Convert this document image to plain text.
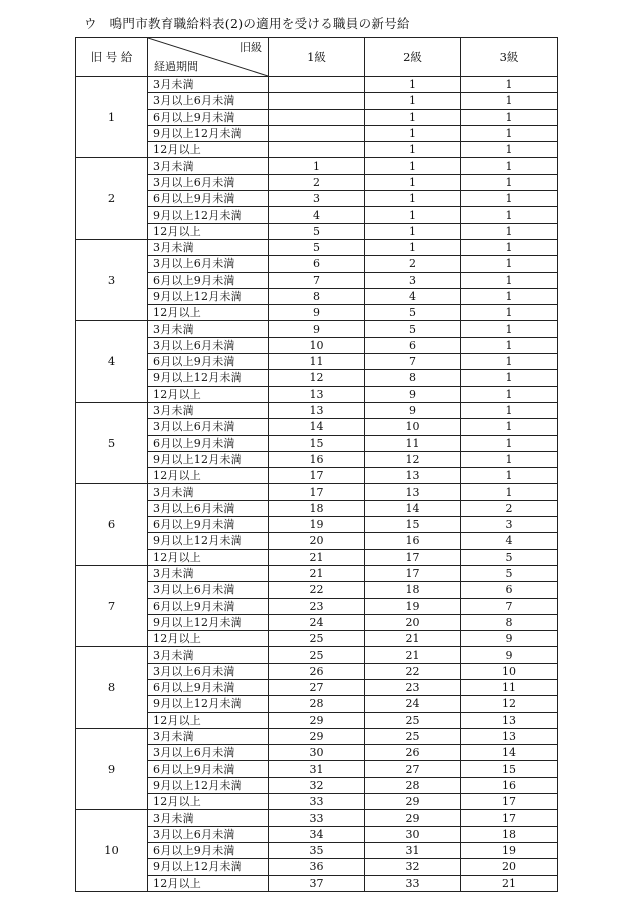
ウ　鳴門市教育職給料表(2)の適用を受ける職員の新号給
旧 号 給	旧級
経過期間	1級	2級	3級
1	3月未満		1	1
	3月以上6月未満		1	1
	6月以上9月未満		1	1
	9月以上12月未満		1	1
	12月以上		1	1
2	3月未満	1	1	1
	3月以上6月未満	2	1	1
	6月以上9月未満	3	1	1
	9月以上12月未満	4	1	1
	12月以上	5	1	1
3	3月未満	5	1	1
	3月以上6月未満	6	2	1
	6月以上9月未満	7	3	1
	9月以上12月未満	8	4	1
	12月以上	9	5	1
4	3月未満	9	5	1
	3月以上6月未満	10	6	1
	6月以上9月未満	11	7	1
	9月以上12月未満	12	8	1
	12月以上	13	9	1
5	3月未満	13	9	1
	3月以上6月未満	14	10	1
	6月以上9月未満	15	11	1
	9月以上12月未満	16	12	1
	12月以上	17	13	1
6	3月未満	17	13	1
	3月以上6月未満	18	14	2
	6月以上9月未満	19	15	3
	9月以上12月未満	20	16	4
	12月以上	21	17	5
7	3月未満	21	17	5
	3月以上6月未満	22	18	6
	6月以上9月未満	23	19	7
	9月以上12月未満	24	20	8
	12月以上	25	21	9
8	3月未満	25	21	9
	3月以上6月未満	26	22	10
	6月以上9月未満	27	23	11
	9月以上12月未満	28	24	12
	12月以上	29	25	13
9	3月未満	29	25	13
	3月以上6月未満	30	26	14
	6月以上9月未満	31	27	15
	9月以上12月未満	32	28	16
	12月以上	33	29	17
10	3月未満	33	29	17
	3月以上6月未満	34	30	18
	6月以上9月未満	35	31	19
	9月以上12月未満	36	32	20
	12月以上	37	33	21
